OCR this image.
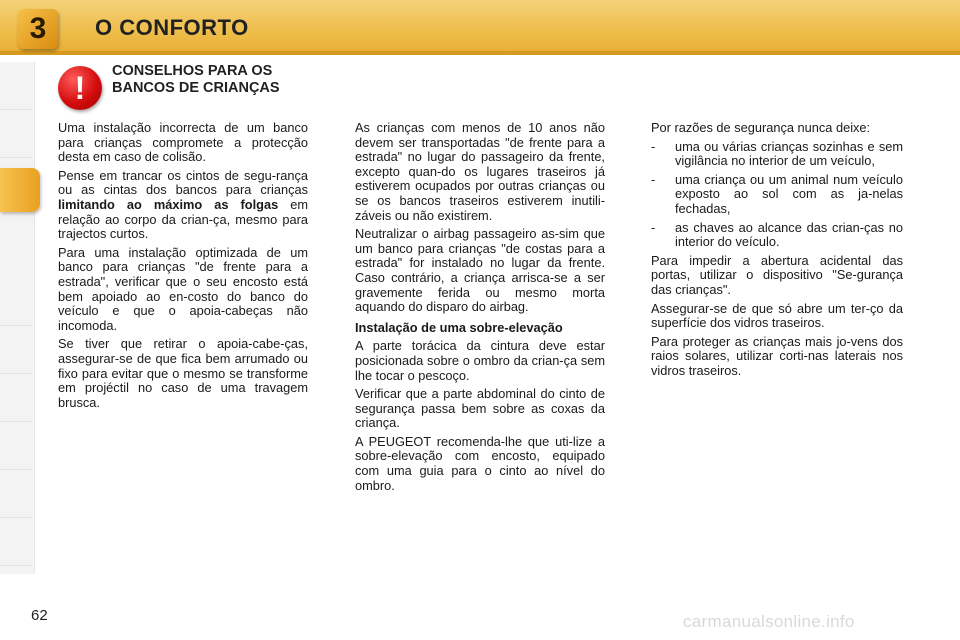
3 O CONFORTO
!	CONSELHOS PARA OS BANCOS DE CRIANÇAS

Uma instalação incorrecta de um banco para crianças compromete a protecção desta em caso de colisão.

Pense em trancar os cintos de segu-rança ou as cintas dos bancos para crianças limitando ao máximo as folgas em relação ao corpo da crian-ça, mesmo para trajectos curtos.

Para uma instalação optimizada de um banco para crianças "de frente para a estrada", verificar que o seu encosto está bem apoiado ao en-costo do banco do veículo e que o apoia-cabeças não incomoda.

Se tiver que retirar o apoia-cabe-ças, assegurar-se de que fica bem arrumado ou fixo para evitar que o mesmo se transforme em projéctil no caso de uma travagem brusca.

As crianças com menos de 10 anos não devem ser transportadas "de frente para a estrada" no lugar do passageiro da frente, excepto quan-do os lugares traseiros já estiverem ocupados por outras crianças ou se os bancos traseiros estiverem inutili-záveis ou não existirem.

Neutralizar o airbag passageiro as-sim que um banco para crianças "de costas para a estrada" for instalado no lugar da frente. Caso contrário, a criança arrisca-se a ser gravemente ferida ou mesmo morta aquando do disparo do airbag.

Instalação de uma sobre-elevação

A parte torácica da cintura deve estar posicionada sobre o ombro da crian-ça sem lhe tocar o pescoço.

Verificar que a parte abdominal do cinto de segurança passa bem sobre as coxas da criança.

A PEUGEOT recomenda-lhe que uti-lize a sobre-elevação com encosto, equipado com uma guia para o cinto ao nível do ombro.

Por razões de segurança nunca deixe:

-	uma ou várias crianças sozinhas e sem vigilância no interior de um veículo,
-	uma criança ou um animal num veículo exposto ao sol com as ja-nelas fechadas,
-	as chaves ao alcance das crian-ças no interior do veículo.

Para impedir a abertura acidental das portas, utilizar o dispositivo "Se-gurança das crianças".

Assegurar-se de que só abre um ter-ço da superfície dos vidros traseiros.

Para proteger as crianças mais jo-vens dos raios solares, utilizar corti-nas laterais nos vidros traseiros.

62	carmanualsonline.info
